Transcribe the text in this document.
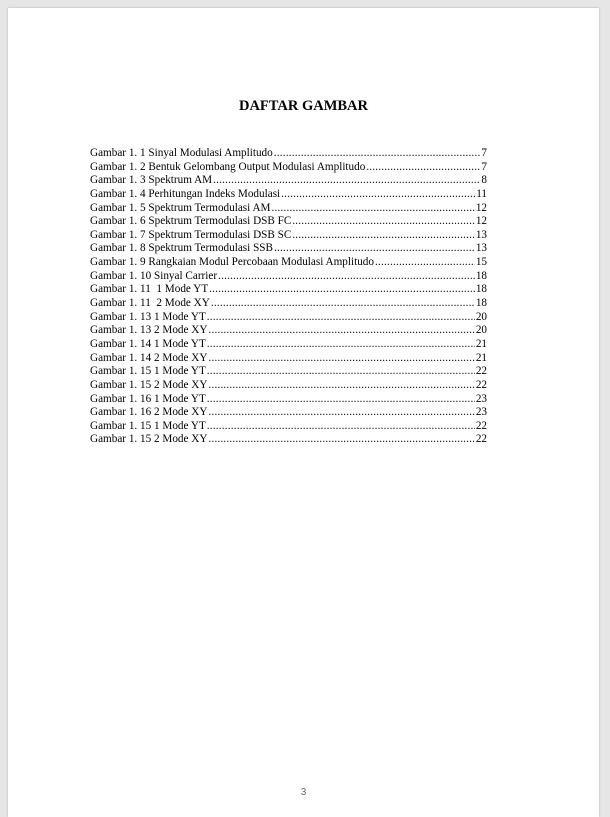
DAFTAR GAMBAR
Gambar 1. 1 Sinyal Modulasi Amplitudo .....	7
Gambar 1. 2 Bentuk Gelombang Output Modulasi Amplitudo .....	7
Gambar 1. 3 Spektrum AM .....	8
Gambar 1. 4 Perhitungan Indeks Modulasi .....	11
Gambar 1. 5 Spektrum Termodulasi AM .....	12
Gambar 1. 6 Spektrum Termodulasi DSB FC .....	12
Gambar 1. 7 Spektrum Termodulasi DSB SC .....	13
Gambar 1. 8 Spektrum Termodulasi SSB .....	13
Gambar 1. 9 Rangkaian Modul Percobaan Modulasi Amplitudo .....	15
Gambar 1. 10 Sinyal Carrier .....	18
Gambar 1. 11  1 Mode YT .....	18
Gambar 1. 11  2 Mode XY .....	18
Gambar 1. 13 1 Mode YT .....	20
Gambar 1. 13 2 Mode XY .....	20
Gambar 1. 14 1 Mode YT .....	21
Gambar 1. 14 2 Mode XY .....	21
Gambar 1. 15 1 Mode YT .....	22
Gambar 1. 15 2 Mode XY .....	22
Gambar 1. 16 1 Mode YT .....	23
Gambar 1. 16 2 Mode XY .....	23
Gambar 1. 15 1 Mode YT .....	22
Gambar 1. 15 2 Mode XY .....	22
3
